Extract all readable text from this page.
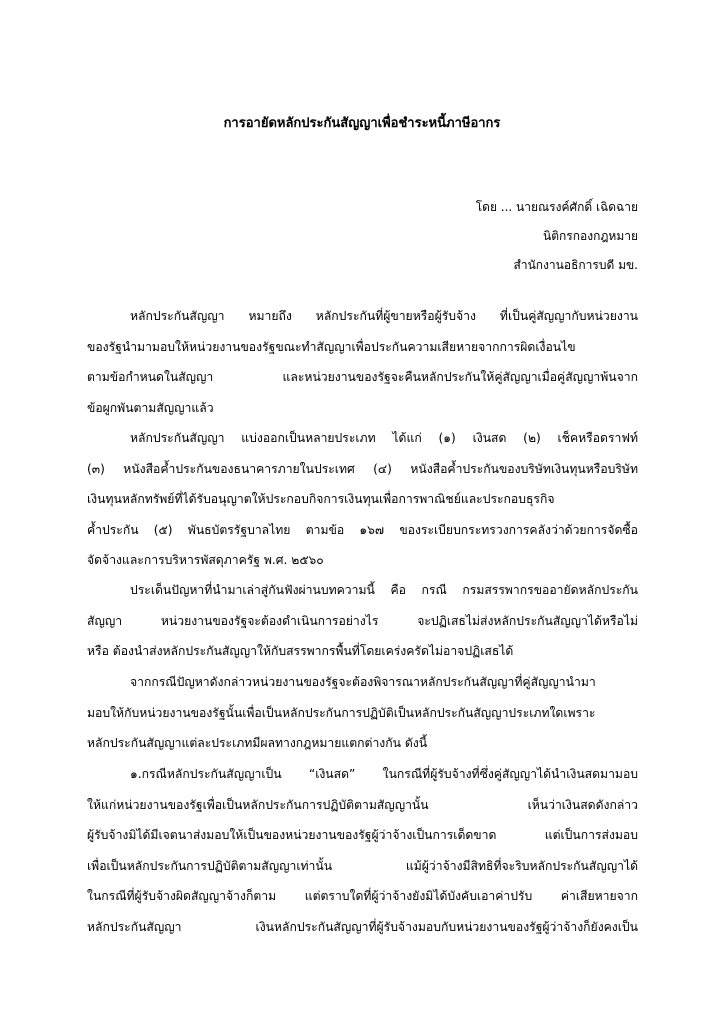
การอายัดหลักประกันสัญญาเพื่อชำระหนี้ภาษีอากร
โดย ... นายณรงค์ศักดิ์ เฉิดฉาย
นิติกรกองกฎหมาย
สำนักงานอธิการบดี มข.
หลักประกันสัญญา หมายถึง หลักประกันที่ผู้ขายหรือผู้รับจ้าง ที่เป็นคู่สัญญากับหน่วยงาน
ของรัฐนำมามอบให้หน่วยงานของรัฐขณะทำสัญญาเพื่อประกันความเสียหายจากการผิดเงื่อนไข
ตามข้อกำหนดในสัญญา และหน่วยงานของรัฐจะคืนหลักประกันให้คู่สัญญาเมื่อคู่สัญญาพ้นจาก
ข้อผูกพันตามสัญญาแล้ว
หลักประกันสัญญา แบ่งออกเป็นหลายประเภท ได้แก่ (๑) เงินสด (๒) เช็คหรือดราฟท์
(๓) หนังสือค้ำประกันของธนาคารภายในประเทศ (๔) หนังสือค้ำประกันของบริษัทเงินทุนหรือบริษัท
เงินทุนหลักทรัพย์ที่ได้รับอนุญาตให้ประกอบกิจการเงินทุนเพื่อการพาณิชย์และประกอบธุรกิจ
ค้ำประกัน (๕) พันธบัตรรัฐบาลไทย ตามข้อ ๑๖๗ ของระเบียบกระทรวงการคลังว่าด้วยการจัดซื้อ
จัดจ้างและการบริหารพัสดุภาครัฐ พ.ศ. ๒๕๖๐
ประเด็นปัญหาที่นำมาเล่าสู่กันฟังผ่านบทความนี้ คือ กรณี กรมสรรพากรขออายัดหลักประกัน
สัญญา หน่วยงานของรัฐจะต้องดำเนินการอย่างไร จะปฏิเสธไม่ส่งหลักประกันสัญญาได้หรือไม่
หรือ ต้องนำส่งหลักประกันสัญญาให้กับสรรพากรพื้นที่โดยเคร่งครัดไม่อาจปฏิเสธได้
จากกรณีปัญหาดังกล่าวหน่วยงานของรัฐจะต้องพิจารณาหลักประกันสัญญาที่คู่สัญญานำมา
มอบให้กับหน่วยงานของรัฐนั้นเพื่อเป็นหลักประกันการปฏิบัติเป็นหลักประกันสัญญาประเภทใดเพราะ
หลักประกันสัญญาแต่ละประเภทมีผลทางกฎหมายแตกต่างกัน ดังนี้
๑.กรณีหลักประกันสัญญาเป็น “เงินสด” ในกรณีที่ผู้รับจ้างที่ซึ่งคู่สัญญาได้นำเงินสดมามอบ
ให้แก่หน่วยงานของรัฐเพื่อเป็นหลักประกันการปฏิบัติตามสัญญานั้น เห็นว่าเงินสดดังกล่าว
ผู้รับจ้างมิได้มีเจตนาส่งมอบให้เป็นของหน่วยงานของรัฐผู้ว่าจ้างเป็นการเด็ดขาด แต่เป็นการส่งมอบ
เพื่อเป็นหลักประกันการปฏิบัติตามสัญญาเท่านั้น แม้ผู้ว่าจ้างมีสิทธิที่จะริบหลักประกันสัญญาได้
ในกรณีที่ผู้รับจ้างผิดสัญญาจ้างก็ตาม แต่ตราบใดที่ผู้ว่าจ้างยังมิได้บังคับเอาค่าปรับ ค่าเสียหายจาก
หลักประกันสัญญา เงินหลักประกันสัญญาที่ผู้รับจ้างมอบกับหน่วยงานของรัฐผู้ว่าจ้างก็ยังคงเป็น
